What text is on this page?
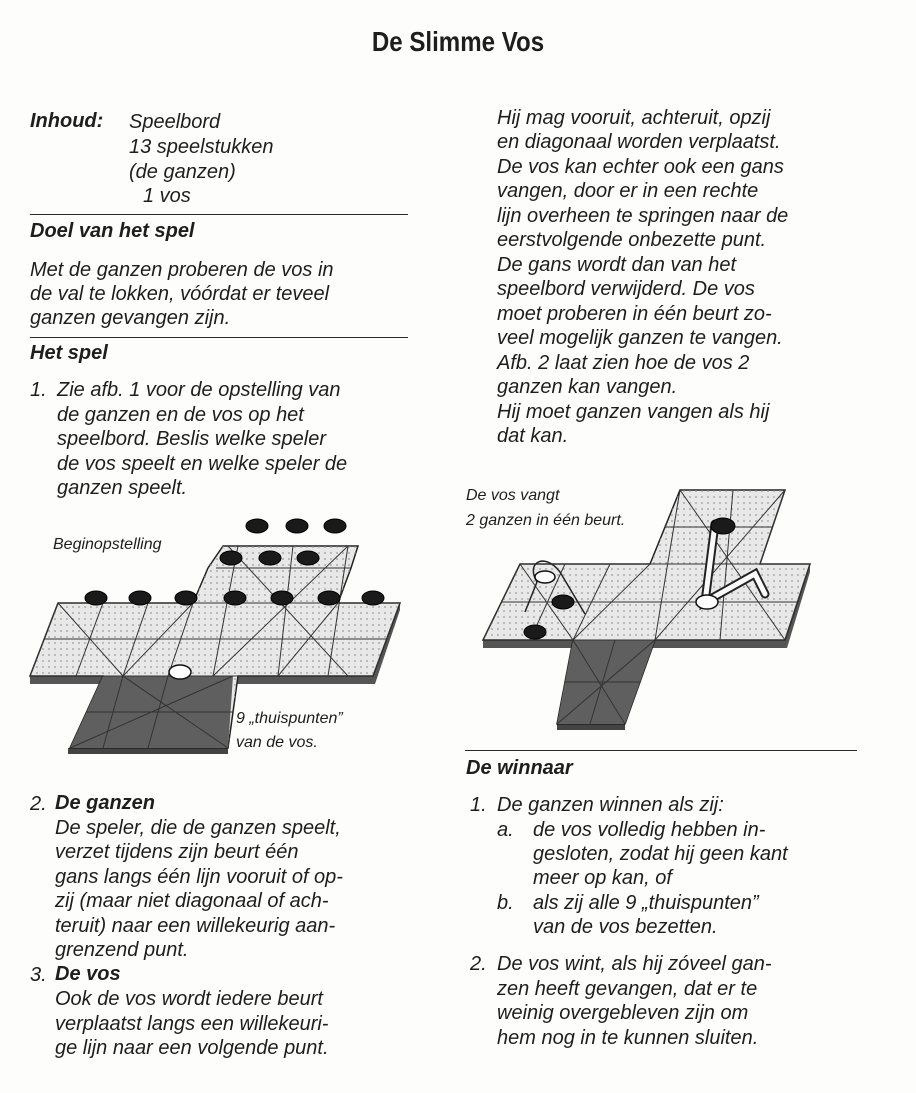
De Slimme Vos
Inhoud: Speelbord
13 speelstukken
(de ganzen)
1 vos
Doel van het spel
Met de ganzen proberen de vos in
de val te lokken, vóórdat er teveel
ganzen gevangen zijn.
Het spel
1. Zie afb. 1 voor de opstelling van
de ganzen en de vos op het
speelbord. Beslis welke speler
de vos speelt en welke speler de
ganzen speelt.
Beginopstelling
9 „thuispunten”
van de vos.
2. De ganzen
De speler, die de ganzen speelt,
verzet tijdens zijn beurt één
gans langs één lijn vooruit of op-
zij (maar niet diagonaal of ach-
teruit) naar een willekeurig aan-
grenzend punt.
3. De vos
Ook de vos wordt iedere beurt
verplaatst langs een willekeuri-
ge lijn naar een volgende punt.
Hij mag vooruit, achteruit, opzij
en diagonaal worden verplaatst.
De vos kan echter ook een gans
vangen, door er in een rechte
lijn overheen te springen naar de
eerstvolgende onbezette punt.
De gans wordt dan van het
speelbord verwijderd. De vos
moet proberen in één beurt zo-
veel mogelijk ganzen te vangen.
Afb. 2 laat zien hoe de vos 2
ganzen kan vangen.
Hij moet ganzen vangen als hij
dat kan.
De vos vangt
2 ganzen in één beurt.
De winnaar
1. De ganzen winnen als zij:
a. de vos volledig hebben in-
gesloten, zodat hij geen kant
meer op kan, of
b. als zij alle 9 „thuispunten”
van de vos bezetten.
2. De vos wint, als hij zóveel gan-
zen heeft gevangen, dat er te
weinig overgebleven zijn om
hem nog in te kunnen sluiten.
